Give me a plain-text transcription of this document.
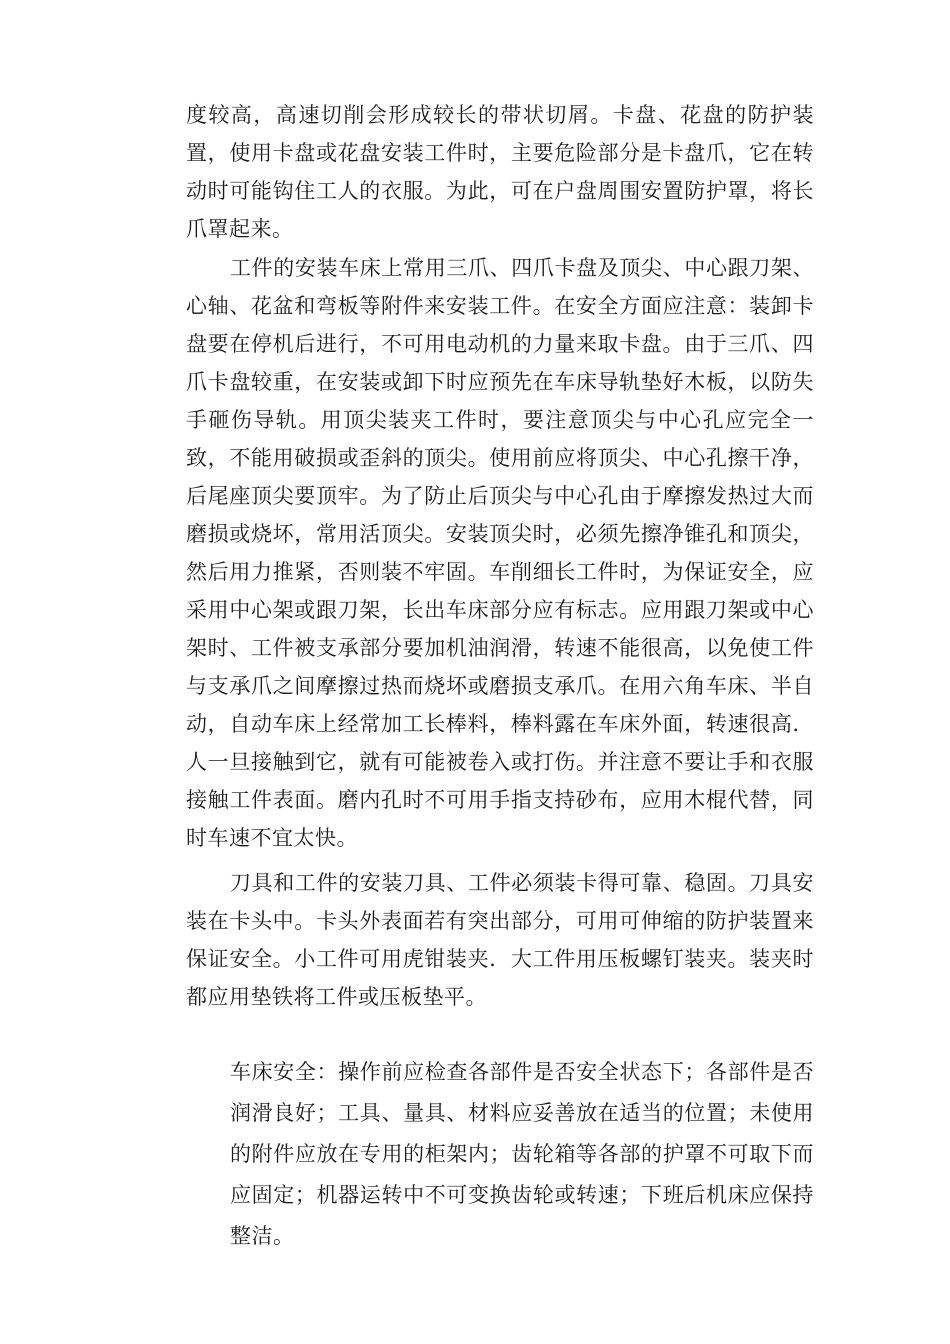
度较高，高速切削会形成较长的带状切屑。卡盘、花盘的防护装置，使用卡盘或花盘安装工件时，主要危险部分是卡盘爪，它在转动时可能钩住工人的衣服。为此，可在户盘周围安置防护罩，将长爪罩起来。

工件的安装车床上常用三爪、四爪卡盘及顶尖、中心跟刀架、心轴、花盆和弯板等附件来安装工件。在安全方面应注意：装卸卡盘要在停机后进行，不可用电动机的力量来取卡盘。由于三爪、四爪卡盘较重，在安装或卸下时应预先在车床导轨垫好木板，以防失手砸伤导轨。用顶尖装夹工件时，要注意顶尖与中心孔应完全一致，不能用破损或歪斜的顶尖。使用前应将顶尖、中心孔擦干净，后尾座顶尖要顶牢。为了防止后顶尖与中心孔由于摩擦发热过大而磨损或烧坏，常用活顶尖。安装顶尖时，必须先擦净锥孔和顶尖，然后用力推紧，否则装不牢固。车削细长工件时，为保证安全，应采用中心架或跟刀架，长出车床部分应有标志。应用跟刀架或中心架时、工件被支承部分要加机油润滑，转速不能很高，以免使工件与支承爪之间摩擦过热而烧坏或磨损支承爪。在用六角车床、半自动，自动车床上经常加工长棒料，棒料露在车床外面，转速很高．人一旦接触到它，就有可能被卷入或打伤。并注意不要让手和衣服接触工件表面。磨内孔时不可用手指支持砂布，应用木棍代替，同时车速不宜太快。

刀具和工件的安装刀具、工件必须装卡得可靠、稳固。刀具安装在卡头中。卡头外表面若有突出部分，可用可伸缩的防护装置来保证安全。小工件可用虎钳装夹．大工件用压板螺钉装夹。装夹时都应用垫铁将工件或压板垫平。

车床安全：操作前应检查各部件是否安全状态下；各部件是否润滑良好；工具、量具、材料应妥善放在适当的位置；未使用的附件应放在专用的柜架内；齿轮箱等各部的护罩不可取下而应固定；机器运转中不可变换齿轮或转速；下班后机床应保持整洁。
